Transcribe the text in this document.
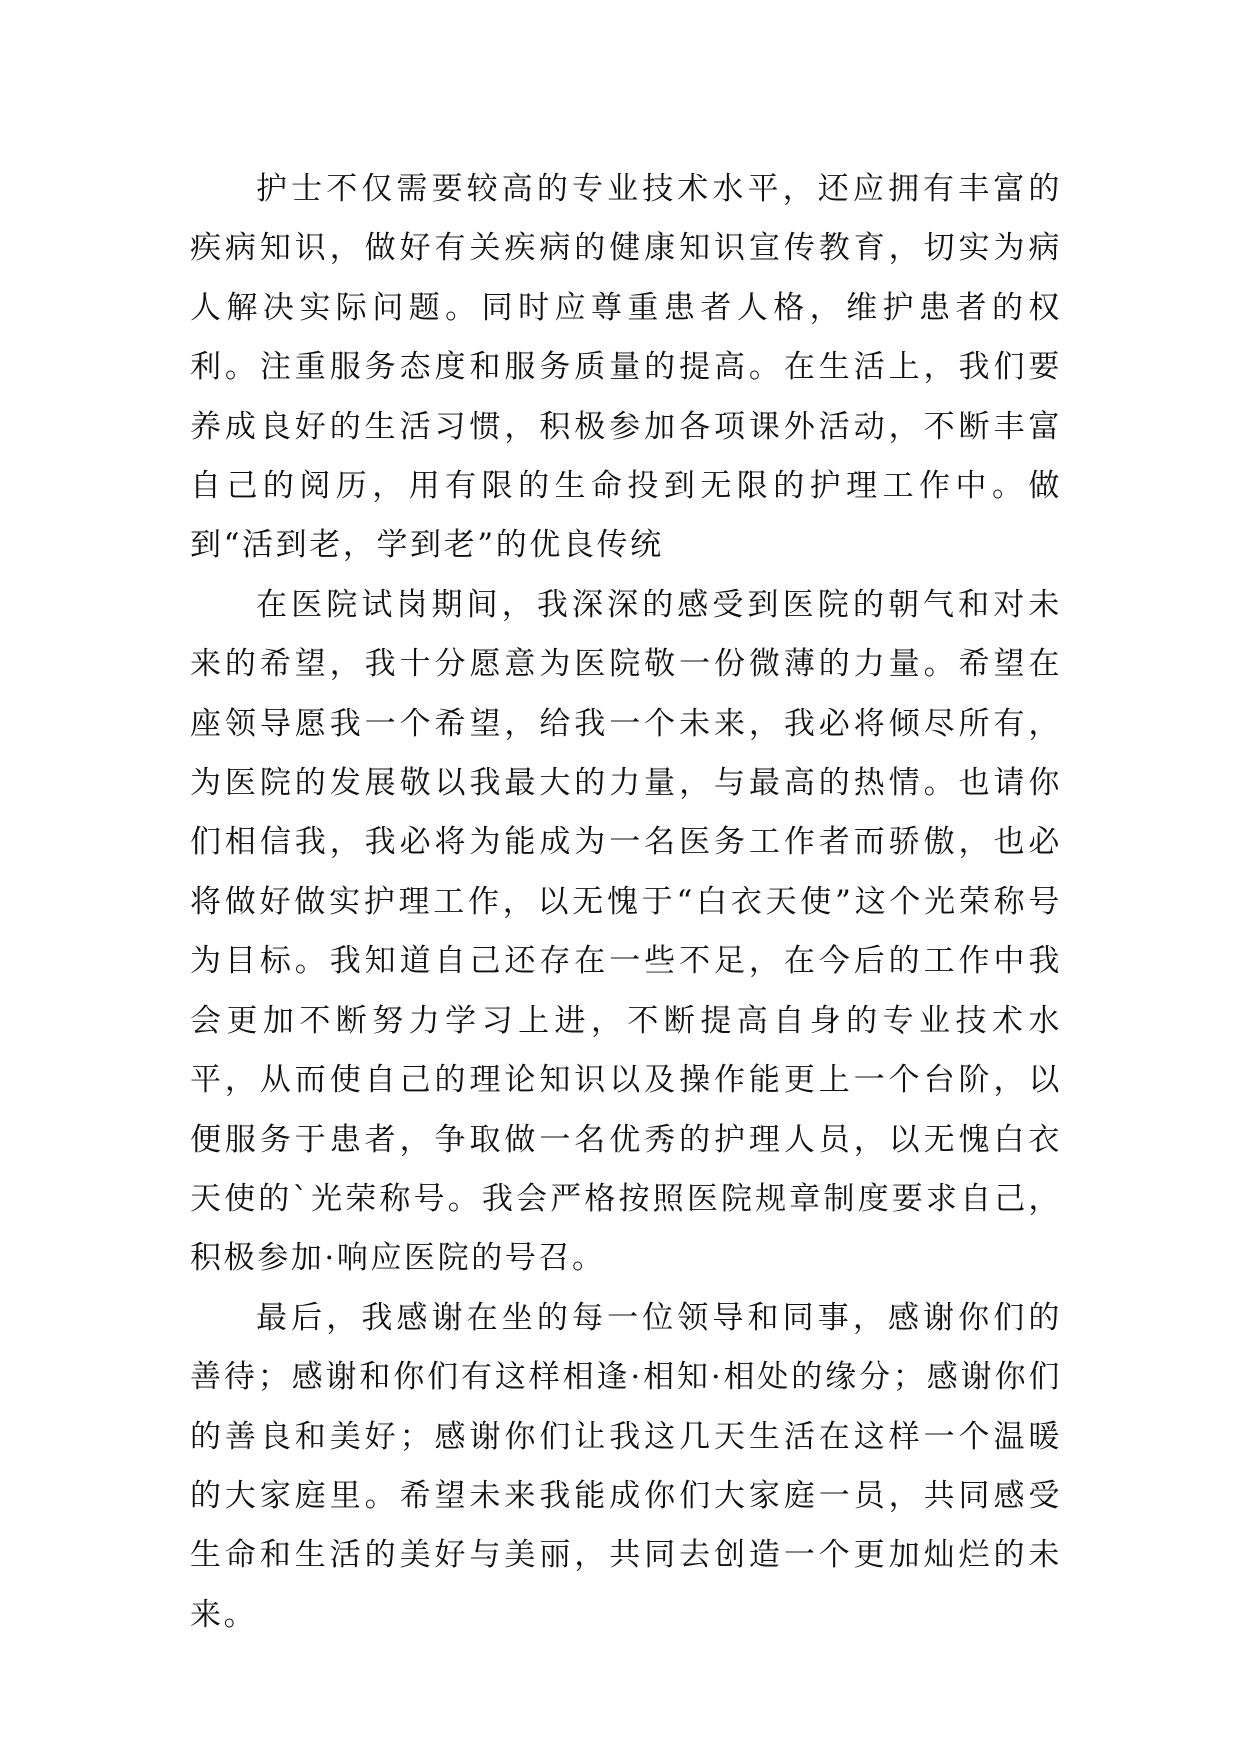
护士不仅需要较高的专业技术水平，还应拥有丰富的疾病知识，做好有关疾病的健康知识宣传教育，切实为病人解决实际问题。同时应尊重患者人格，维护患者的权利。注重服务态度和服务质量的提高。在生活上，我们要养成良好的生活习惯，积极参加各项课外活动，不断丰富自己的阅历，用有限的生命投到无限的护理工作中。做到“活到老，学到老”的优良传统

在医院试岗期间，我深深的感受到医院的朝气和对未来的希望，我十分愿意为医院敬一份微薄的力量。希望在座领导愿我一个希望，给我一个未来，我必将倾尽所有，为医院的发展敬以我最大的力量，与最高的热情。也请你们相信我，我必将为能成为一名医务工作者而骄傲，也必将做好做实护理工作，以无愧于“白衣天使”这个光荣称号为目标。我知道自己还存在一些不足，在今后的工作中我会更加不断努力学习上进，不断提高自身的专业技术水平，从而使自己的理论知识以及操作能更上一个台阶，以便服务于患者，争取做一名优秀的护理人员，以无愧白衣天使的`光荣称号。我会严格按照医院规章制度要求自己，积极参加·响应医院的号召。

最后，我感谢在坐的每一位领导和同事，感谢你们的善待；感谢和你们有这样相逢·相知·相处的缘分；感谢你们的善良和美好；感谢你们让我这几天生活在这样一个温暖的大家庭里。希望未来我能成你们大家庭一员，共同感受生命和生活的美好与美丽，共同去创造一个更加灿烂的未来。
